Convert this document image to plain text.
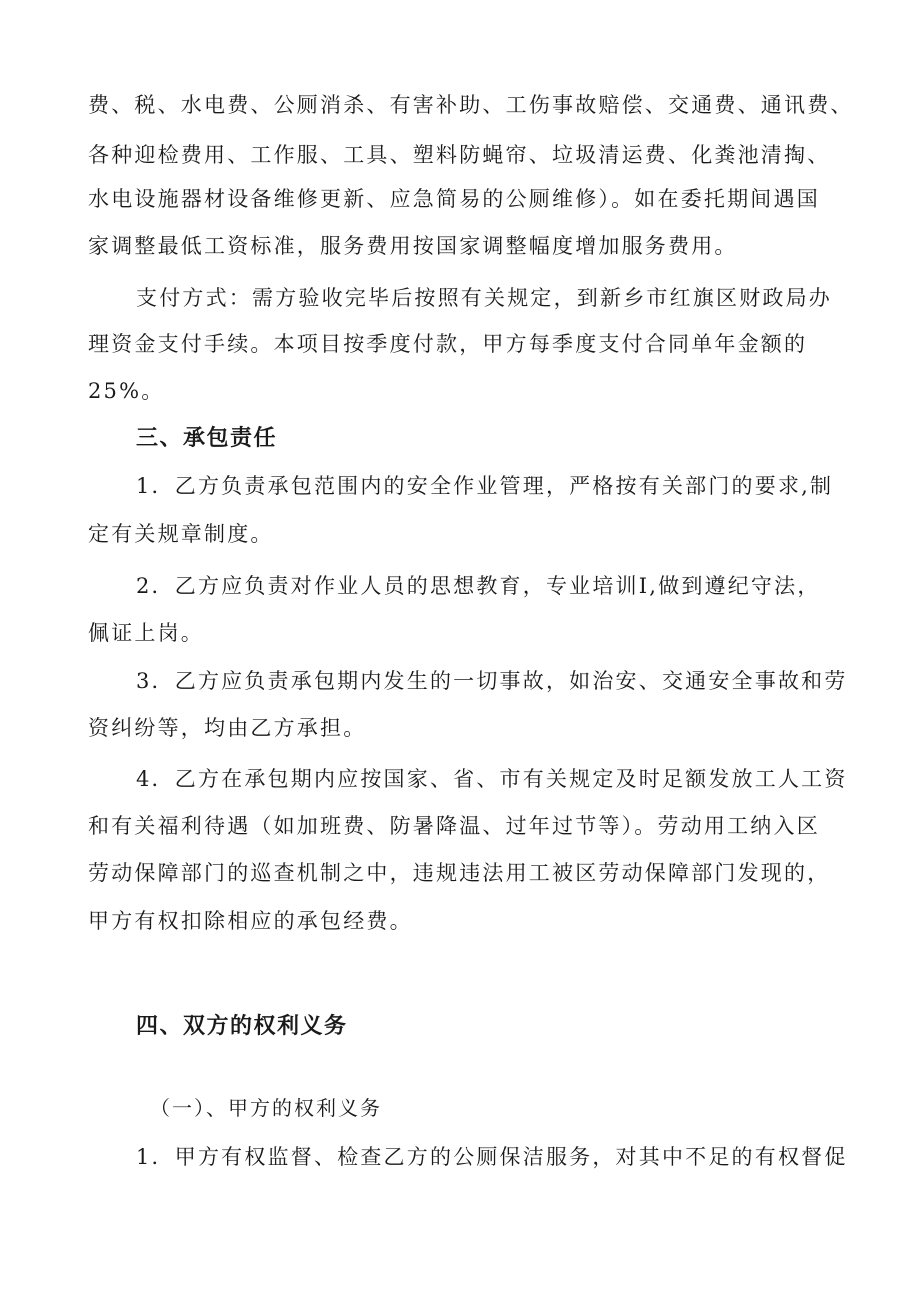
费、税、水电费、公厕消杀、有害补助、工伤事故赔偿、交通费、通讯费、
各种迎检费用、工作服、工具、塑料防蝇帘、垃圾清运费、化粪池清掏、
水电设施器材设备维修更新、应急简易的公厕维修）。如在委托期间遇国
家调整最低工资标准，服务费用按国家调整幅度增加服务费用。
支付方式：需方验收完毕后按照有关规定，到新乡市红旗区财政局办
理资金支付手续。本项目按季度付款，甲方每季度支付合同单年金额的
25%。
三、承包责任
1．乙方负责承包范围内的安全作业管理，严格按有关部门的要求,制
定有关规章制度。
2．乙方应负责对作业人员的思想教育，专业培训I,做到遵纪守法，
佩证上岗。
3．乙方应负责承包期内发生的一切事故，如治安、交通安全事故和劳
资纠纷等，均由乙方承担。
4．乙方在承包期内应按国家、省、市有关规定及时足额发放工人工资
和有关福利待遇（如加班费、防暑降温、过年过节等）。劳动用工纳入区
劳动保障部门的巡查机制之中，违规违法用工被区劳动保障部门发现的，
甲方有权扣除相应的承包经费。
四、双方的权利义务
（一）、甲方的权利义务
1．甲方有权监督、检查乙方的公厕保洁服务，对其中不足的有权督促
